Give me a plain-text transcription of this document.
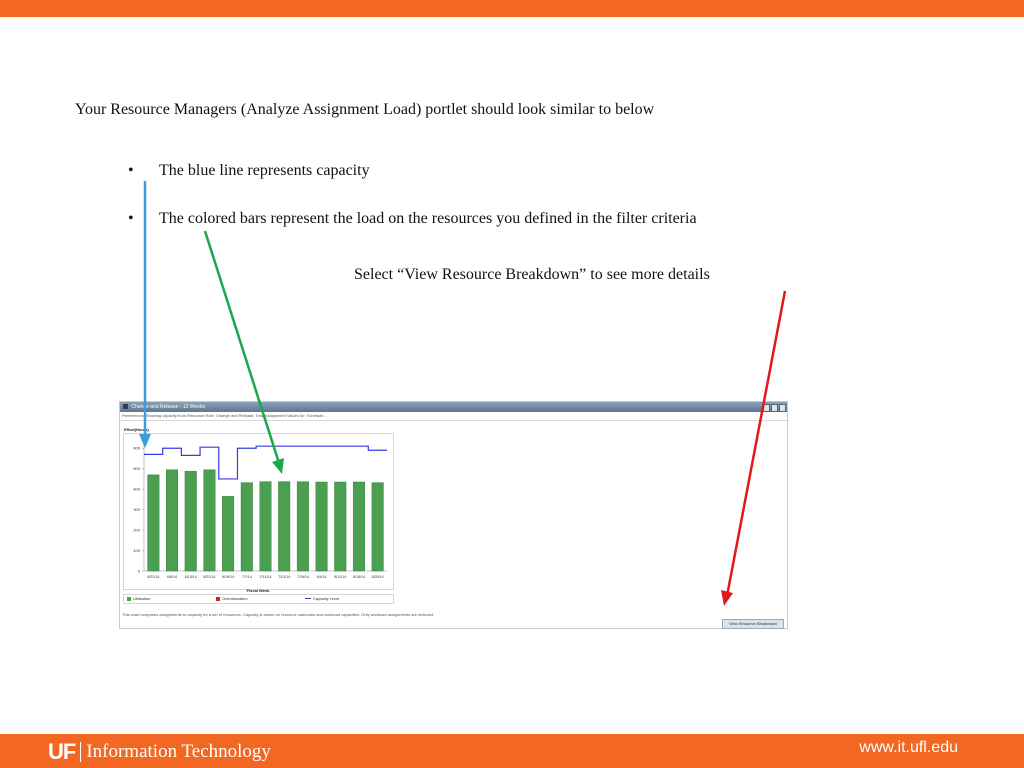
Your Resource Managers (Analyze Assignment Load) portlet should look similar to below
• The blue line represents capacity
• The colored bars represent the load on the resources you defined in the filter criteria
Select “View Resource Breakdown” to see more details
Change and Release - 12 Weeks
Preferences: Showing capacity from Resource Role: Change and Release; Total Assignment Values for: Schedule...
Effort(Hours)
0
100
200
300
400
500
600
6/22/14 6/8/14 6/15/14 6/22/14 6/29/14 7/7/14 7/14/14 7/21/14 7/28/14 8/4/14 8/11/14 8/18/14 8/25/14
Fiscal Week
Utilization	Overallocation	Capacity Level
This chart compares assignments to capacity for a set of resources. Capacity is based on resource calendars and workload capacities. Only workload assignments are included.
View Resource Breakdown
UF Information Technology	www.it.ufl.edu
